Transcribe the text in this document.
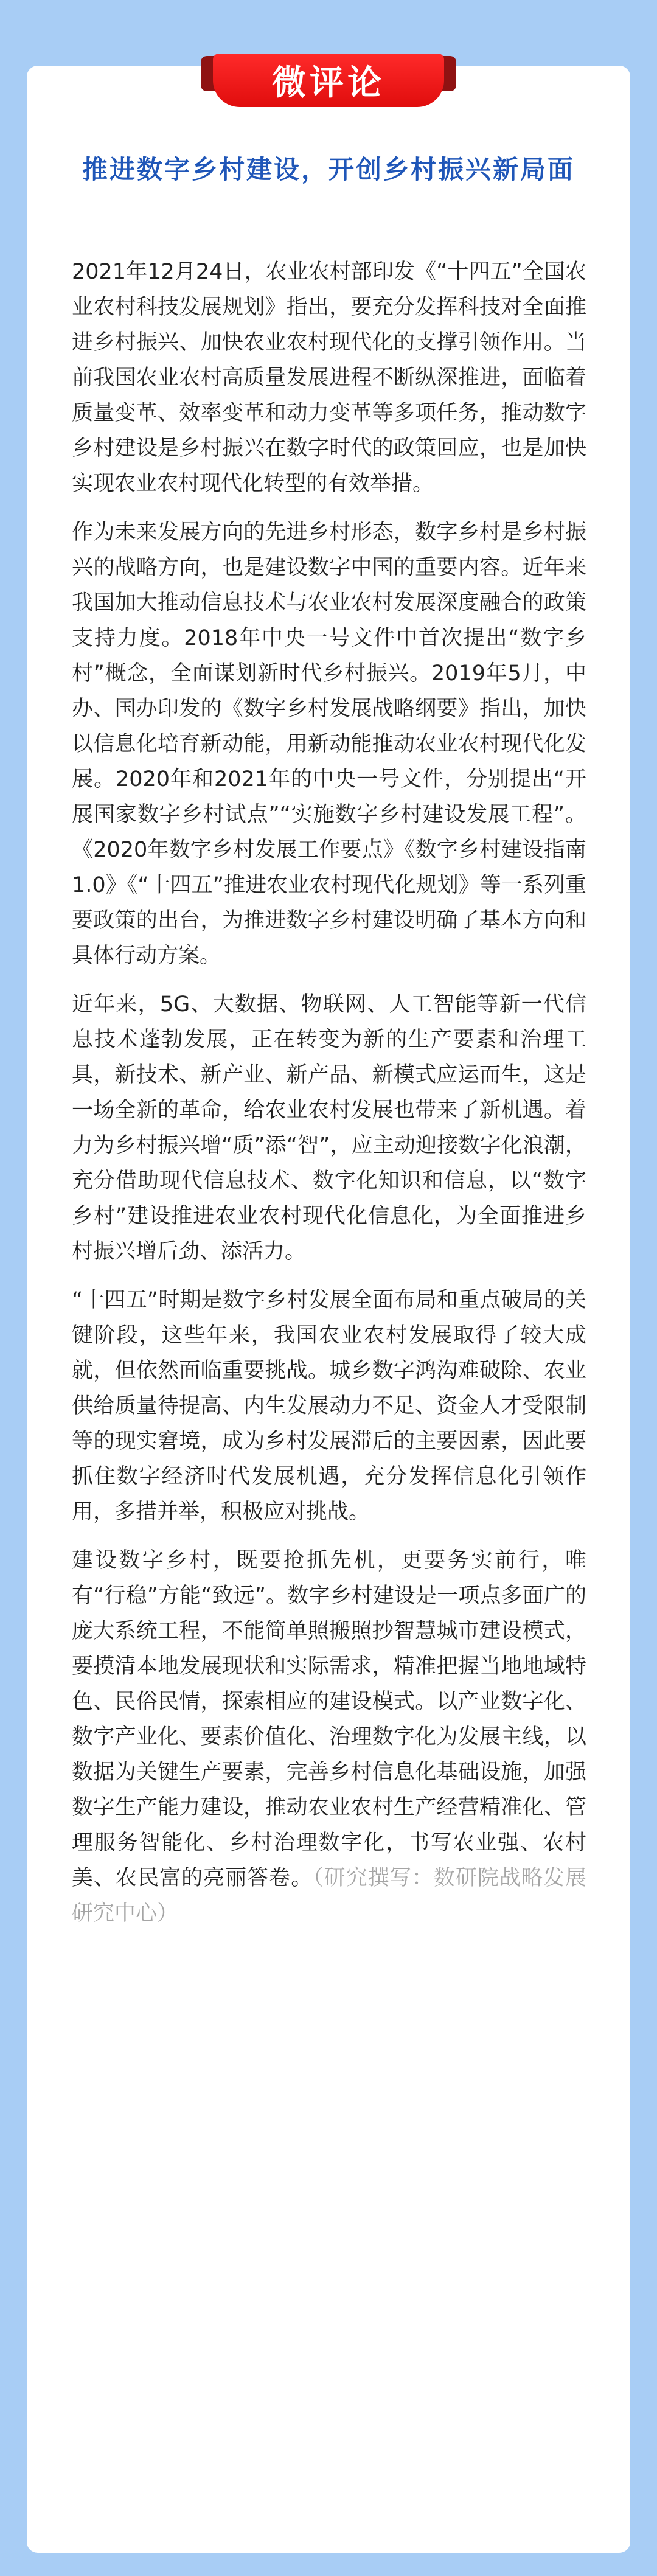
微评论
推进数字乡村建设，开创乡村振兴新局面

2021年12月24日，农业农村部印发《“十四五”全国农业农村科技发展规划》指出，要充分发挥科技对全面推进乡村振兴、加快农业农村现代化的支撑引领作用。当前我国农业农村高质量发展进程不断纵深推进，面临着质量变革、效率变革和动力变革等多项任务，推动数字乡村建设是乡村振兴在数字时代的政策回应，也是加快实现农业农村现代化转型的有效举措。

作为未来发展方向的先进乡村形态，数字乡村是乡村振兴的战略方向，也是建设数字中国的重要内容。近年来我国加大推动信息技术与农业农村发展深度融合的政策支持力度。2018年中央一号文件中首次提出“数字乡村”概念，全面谋划新时代乡村振兴。2019年5月，中办、国办印发的《数字乡村发展战略纲要》指出，加快以信息化培育新动能，用新动能推动农业农村现代化发展。2020年和2021年的中央一号文件，分别提出“开展国家数字乡村试点”“实施数字乡村建设发展工程”。《2020年数字乡村发展工作要点》《数字乡村建设指南1.0》《“十四五”推进农业农村现代化规划》等一系列重要政策的出台，为推进数字乡村建设明确了基本方向和具体行动方案。

近年来，5G、大数据、物联网、人工智能等新一代信息技术蓬勃发展，正在转变为新的生产要素和治理工具，新技术、新产业、新产品、新模式应运而生，这是一场全新的革命，给农业农村发展也带来了新机遇。着力为乡村振兴增“质”添“智”，应主动迎接数字化浪潮，充分借助现代信息技术、数字化知识和信息，以“数字乡村”建设推进农业农村现代化信息化，为全面推进乡村振兴增后劲、添活力。

“十四五”时期是数字乡村发展全面布局和重点破局的关键阶段，这些年来，我国农业农村发展取得了较大成就，但依然面临重要挑战。城乡数字鸿沟难破除、农业供给质量待提高、内生发展动力不足、资金人才受限制等的现实窘境，成为乡村发展滞后的主要因素，因此要抓住数字经济时代发展机遇，充分发挥信息化引领作用，多措并举，积极应对挑战。

建设数字乡村，既要抢抓先机，更要务实前行，唯有“行稳”方能“致远”。数字乡村建设是一项点多面广的庞大系统工程，不能简单照搬照抄智慧城市建设模式，要摸清本地发展现状和实际需求，精准把握当地地域特色、民俗民情，探索相应的建设模式。以产业数字化、数字产业化、要素价值化、治理数字化为发展主线，以数据为关键生产要素，完善乡村信息化基础设施，加强数字生产能力建设，推动农业农村生产经营精准化、管理服务智能化、乡村治理数字化，书写农业强、农村美、农民富的亮丽答卷。（研究撰写：数研院战略发展研究中心）
